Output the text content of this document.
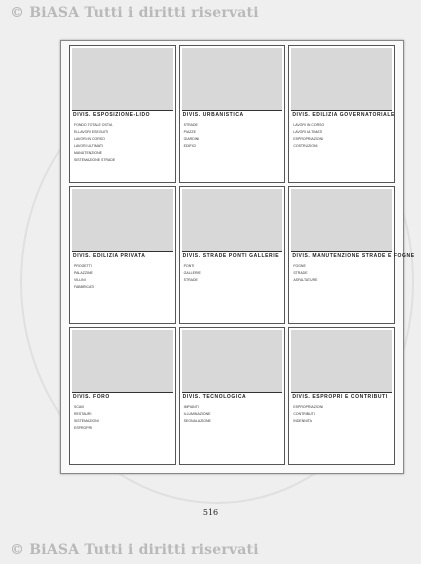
© BiASA Tutti i diritti riservati
DIVIS. ESPOSIZIONE-LIDO
FONDO TOTALE OSTIA
ELLAVORI ESEGUITI
LAVORI IN CORSO
LAVORI ULTIMATI
MANUTENZIONE
SISTEMAZIONE STRADE
DIVIS. URBANISTICA
STRADE
PIAZZE
GIARDINI
EDIFICI
DIVIS. EDILIZIA GOVERNATORIALE
LAVORI IN CORSO
LAVORI ULTIMATI
ESPROPRIAZIONI
COSTRUZIONI
DIVIS. EDILIZIA PRIVATA
PROGETTI
PALAZZINE
VILLINI
FABBRICATI
DIVIS. STRADE PONTI GALLERIE
PONTI
GALLERIE
STRADE
DIVIS. MANUTENZIONE STRADE E FOGNE
FOGNE
STRADE
ASFALTATURE
DIVIS. FORO
SCAVI
RESTAURI
SISTEMAZIONI
ESPROPRI
DIVIS. TECNOLOGICA
IMPIANTI
ILLUMINAZIONE
SEGNALAZIONE
DIVIS. ESPROPRI E CONTRIBUTI
ESPROPRIAZIONI
CONTRIBUTI
INDENNITA
516
© BiASA Tutti i diritti riservati
